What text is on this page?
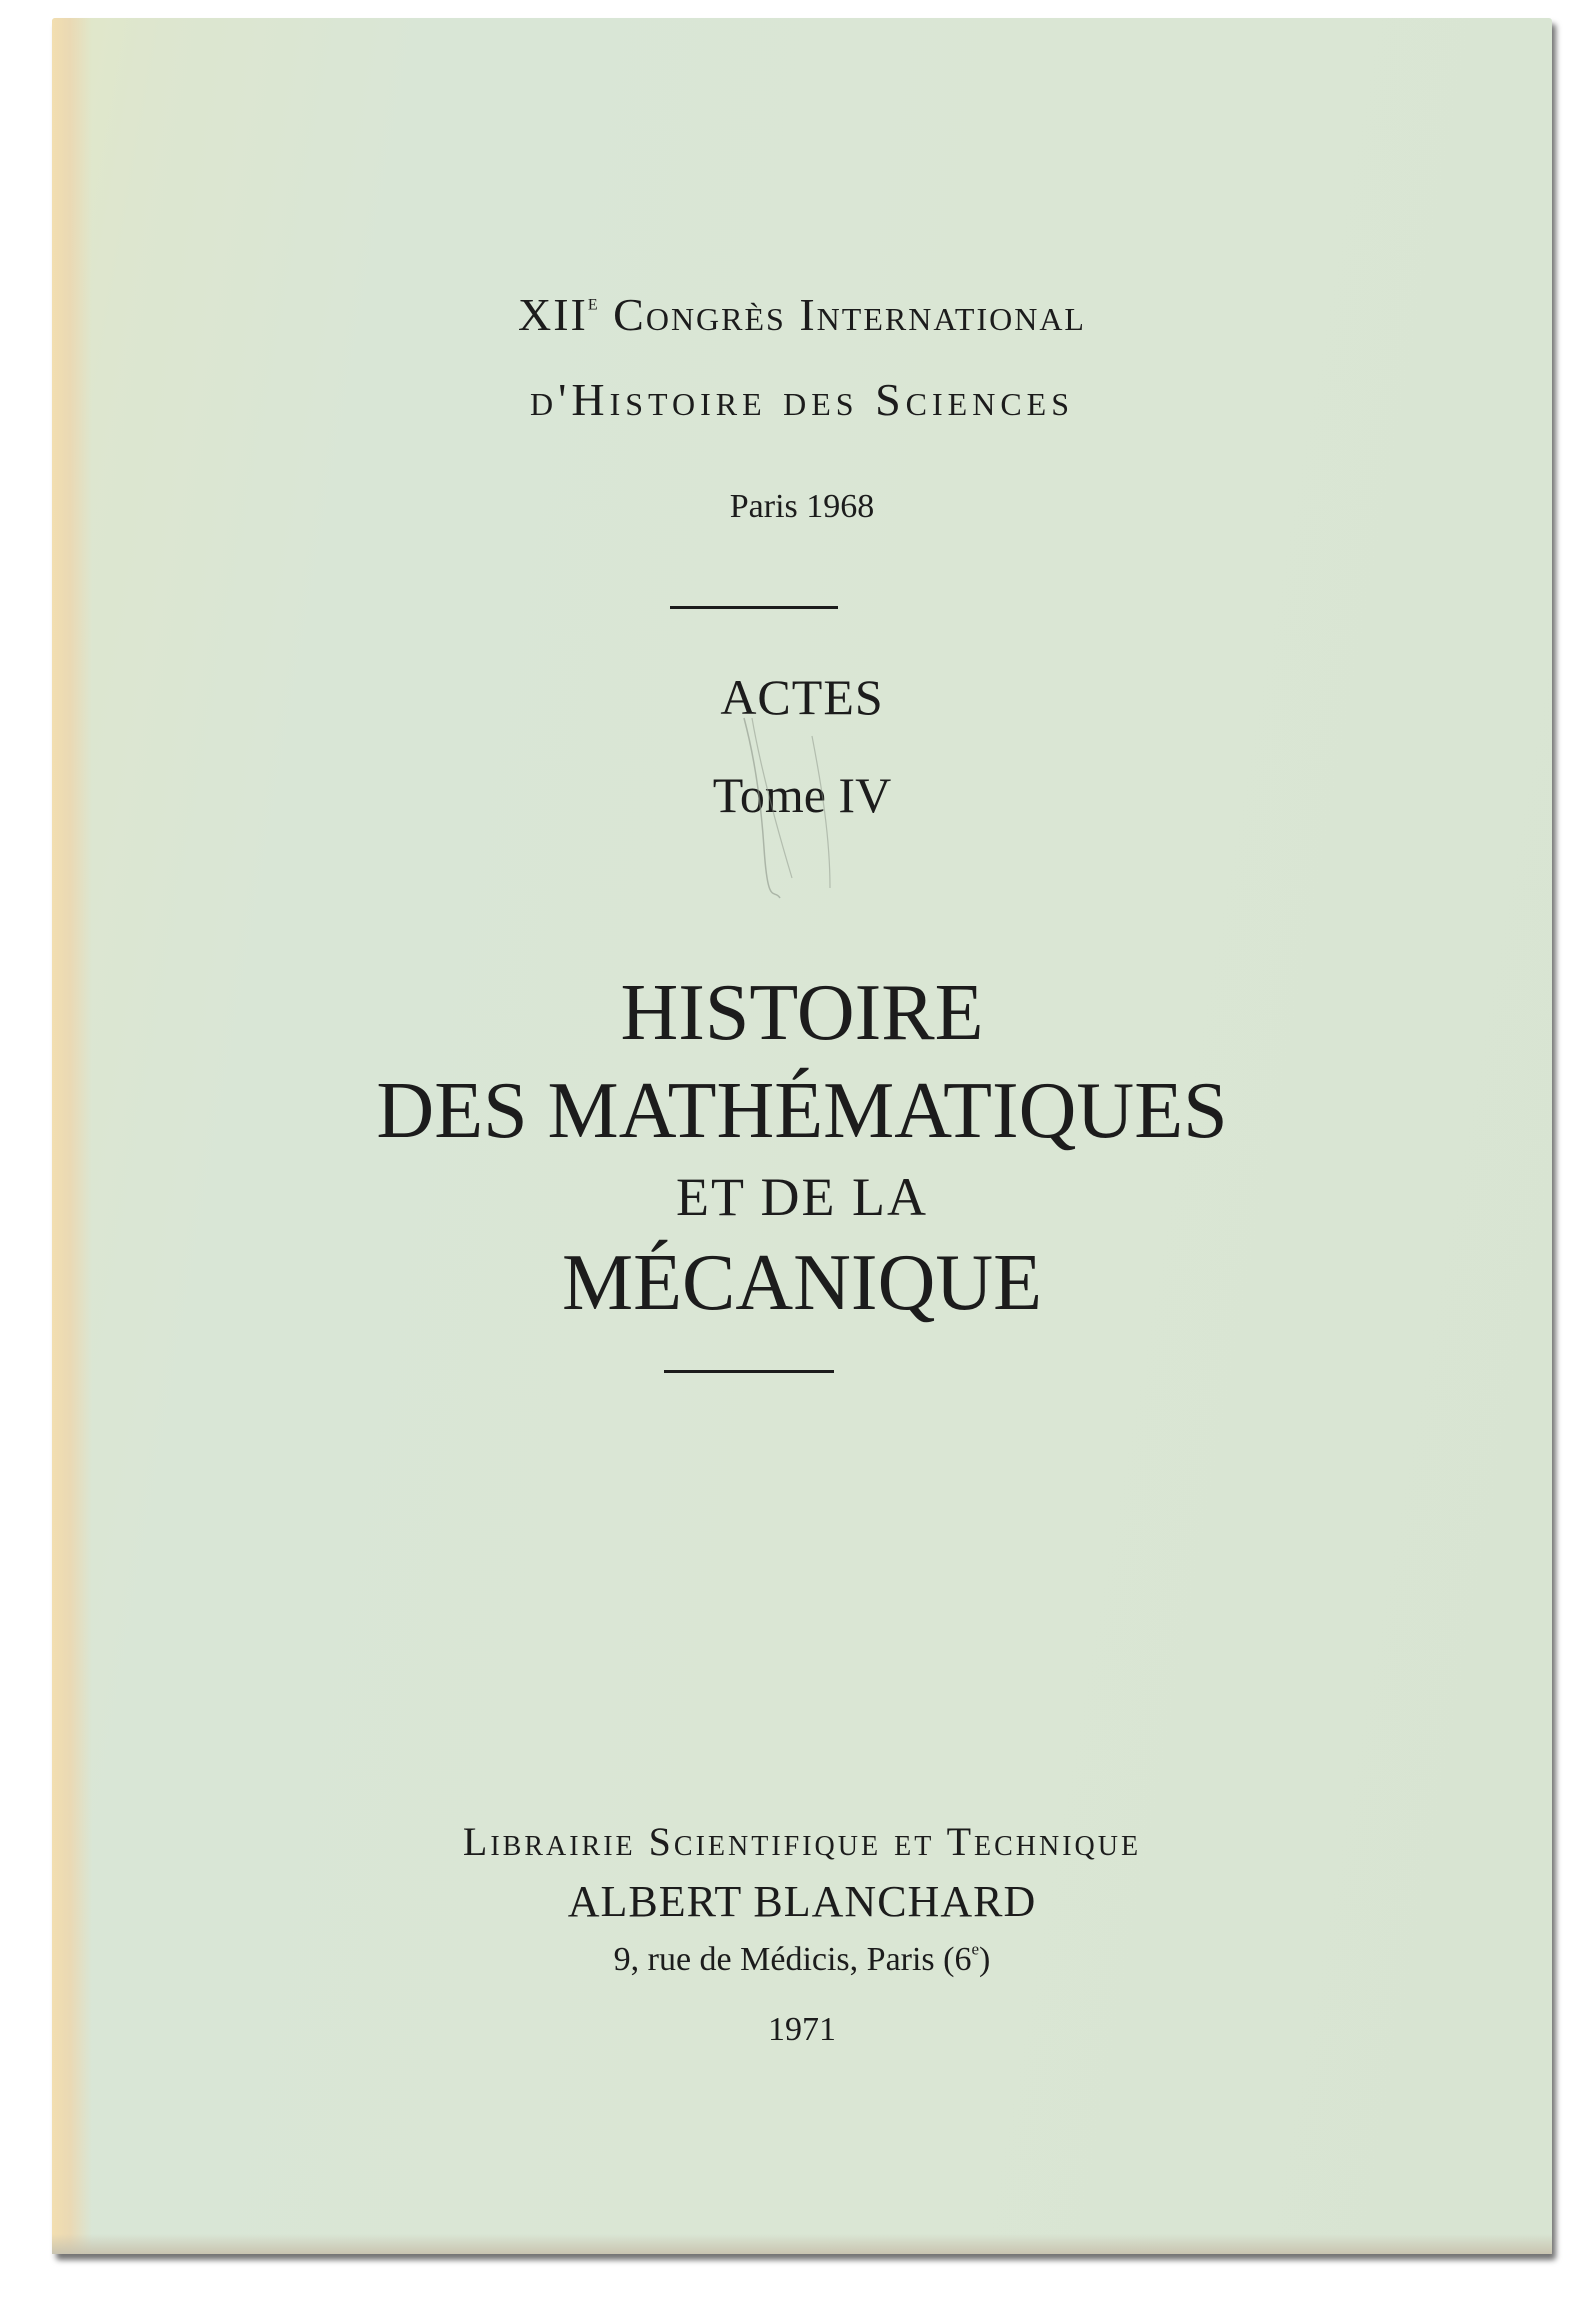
XIIe Congrès International
d'Histoire des Sciences
Paris 1968
ACTES
Tome IV
HISTOIRE
DES MATHÉMATIQUES
ET DE LA
MÉCANIQUE
Librairie Scientifique et Technique
ALBERT BLANCHARD
9, rue de Médicis, Paris (6e)
1971
